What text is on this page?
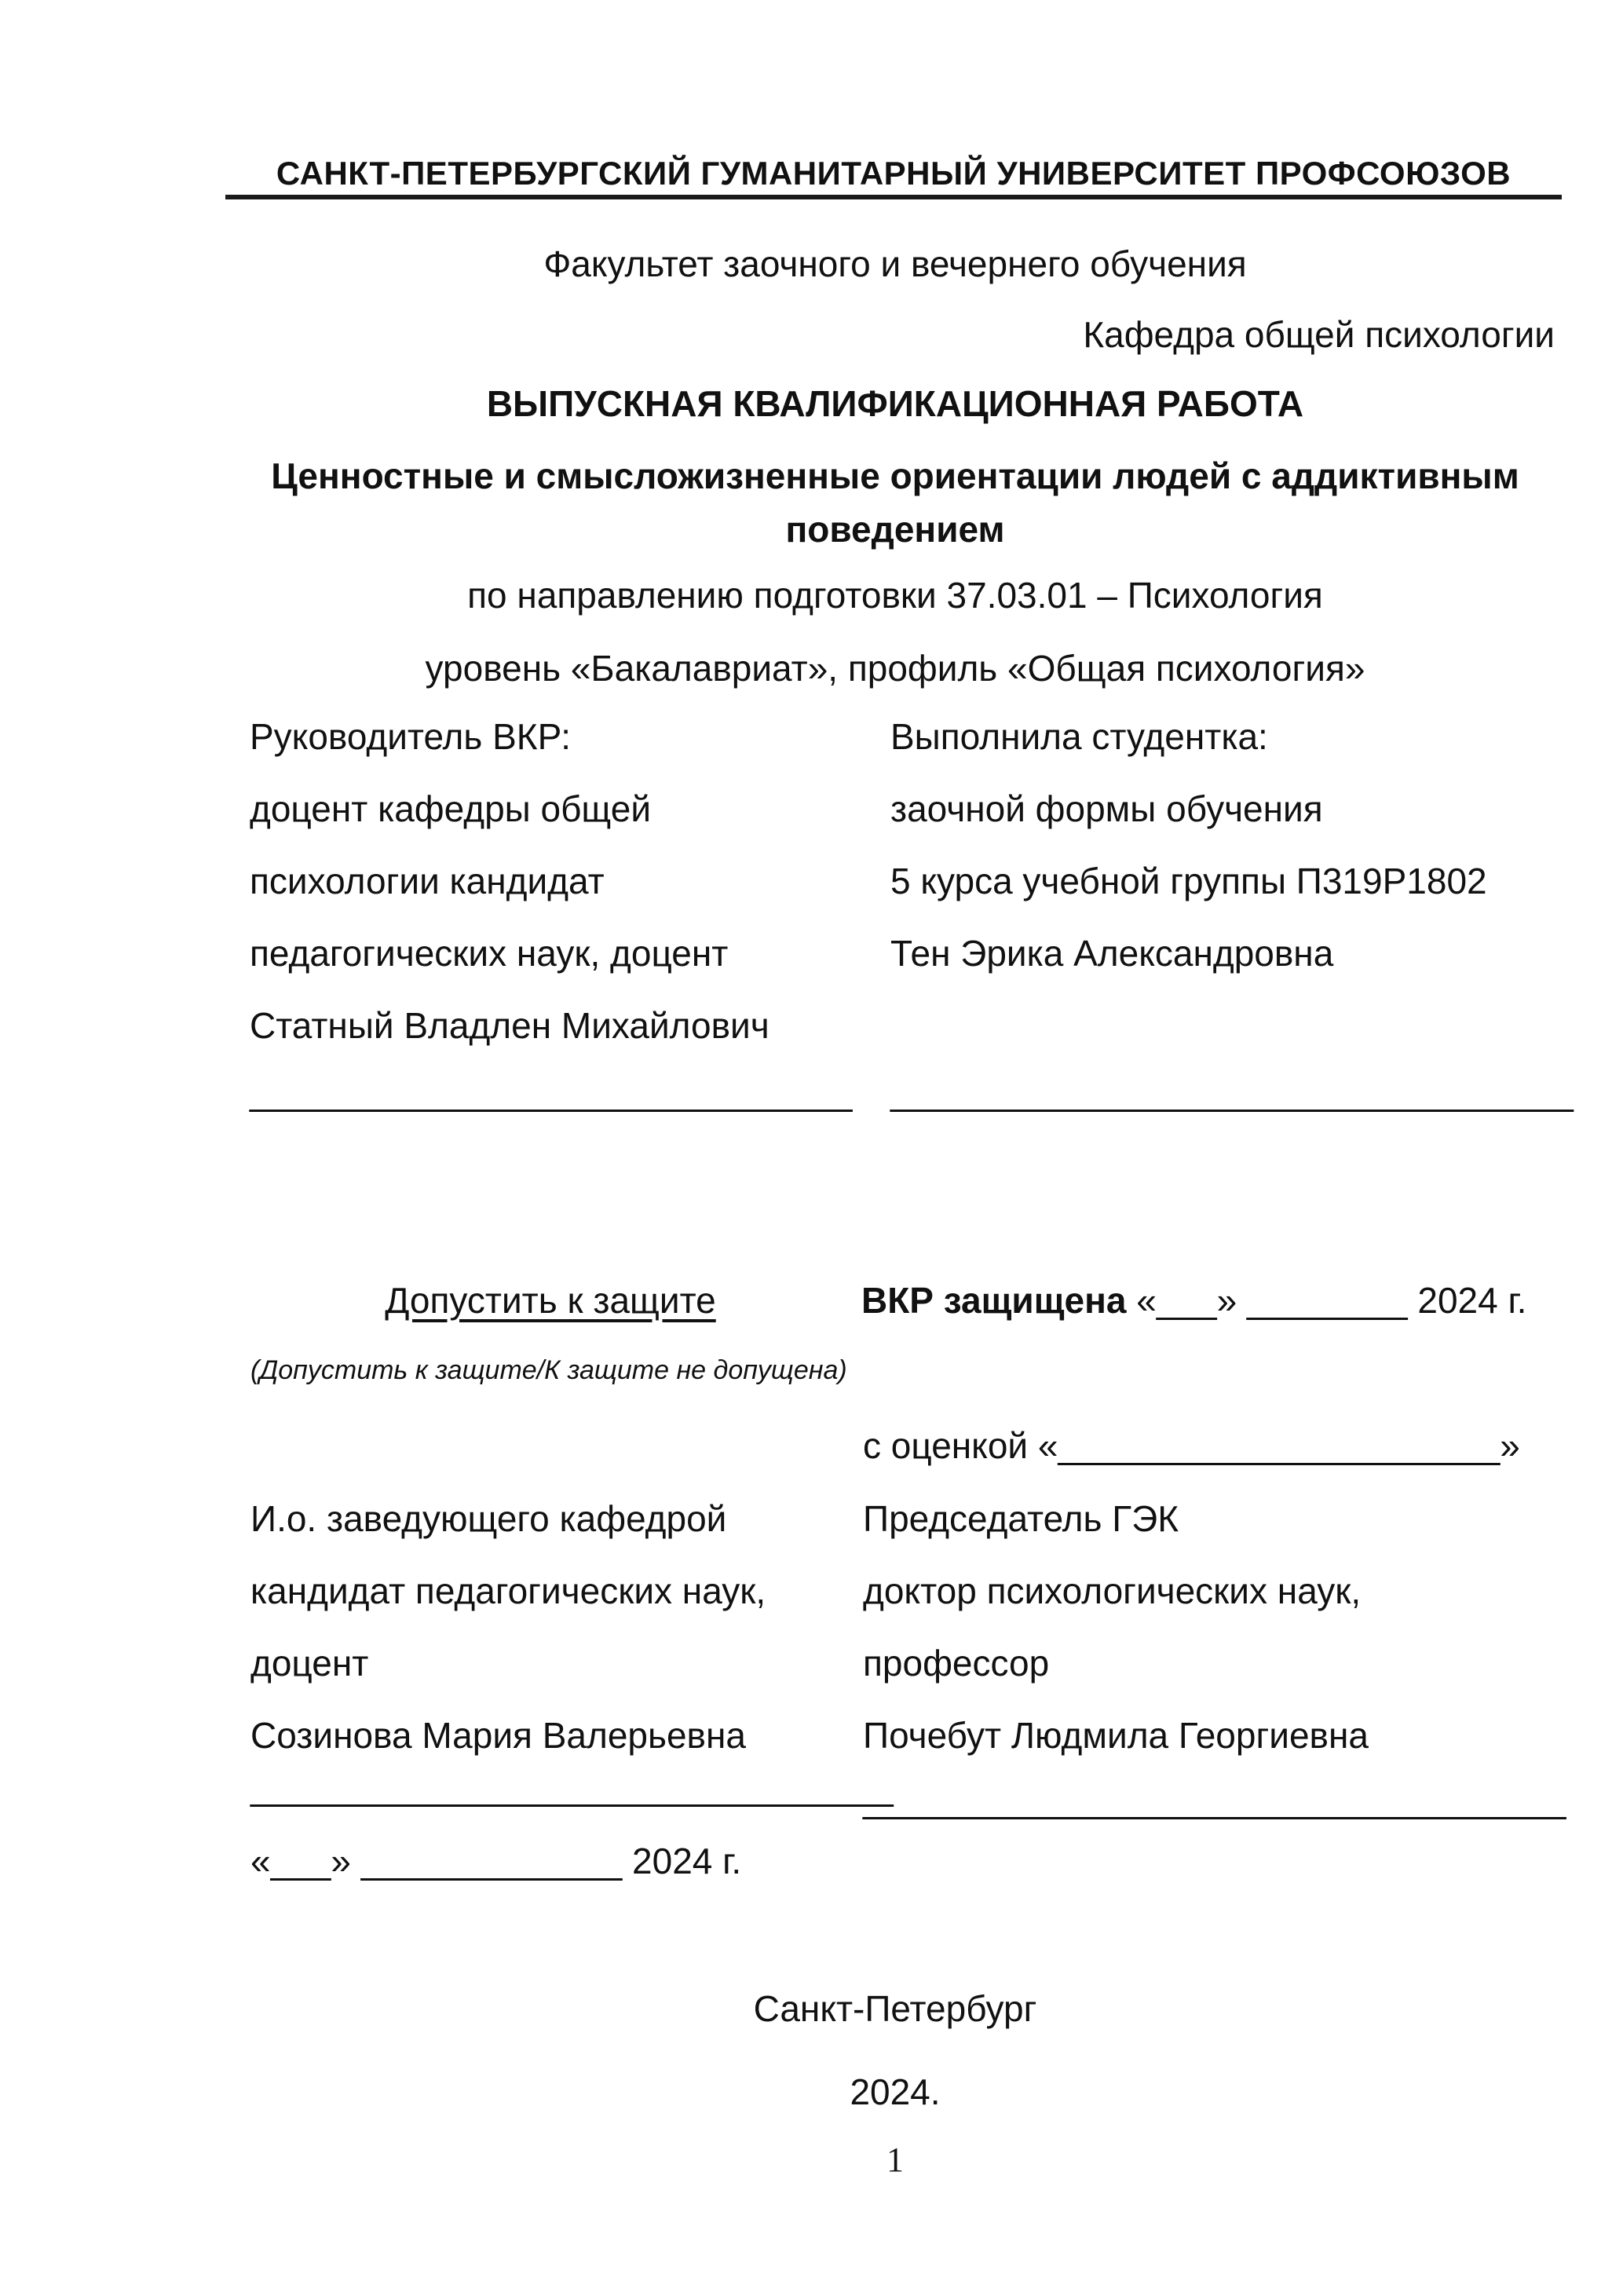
САНКТ-ПЕТЕРБУРГСКИЙ ГУМАНИТАРНЫЙ УНИВЕРСИТЕТ ПРОФСОЮЗОВ
Факультет заочного и вечернего обучения
Кафедра общей психологии
ВЫПУСКНАЯ КВАЛИФИКАЦИОННАЯ РАБОТА
Ценностные и смысложизненные ориентации людей с аддиктивным
поведением
по направлению подготовки 37.03.01 – Психология
уровень «Бакалавриат», профиль «Общая психология»
Руководитель ВКР:
доцент кафедры общей
психологии кандидат
педагогических наук, доцент
Статный Владлен Михайлович
______________________________
Выполнила студентка:
заочной формы обучения
5 курса учебной группы П319Р1802
Тен Эрика Александровна
__________________________________
Допустить к защите
(Допустить к защите/К защите не допущена)
И.о. заведующего кафедрой
кандидат педагогических наук,
доцент
Созинова Мария Валерьевна
________________________________
«___» _____________ 2024 г.
ВКР защищена «___» ________ 2024 г.
с оценкой «______________________»
Председатель ГЭК
доктор психологических наук,
профессор
Почебут Людмила Георгиевна
___________________________________
Санкт-Петербург
2024.
1
